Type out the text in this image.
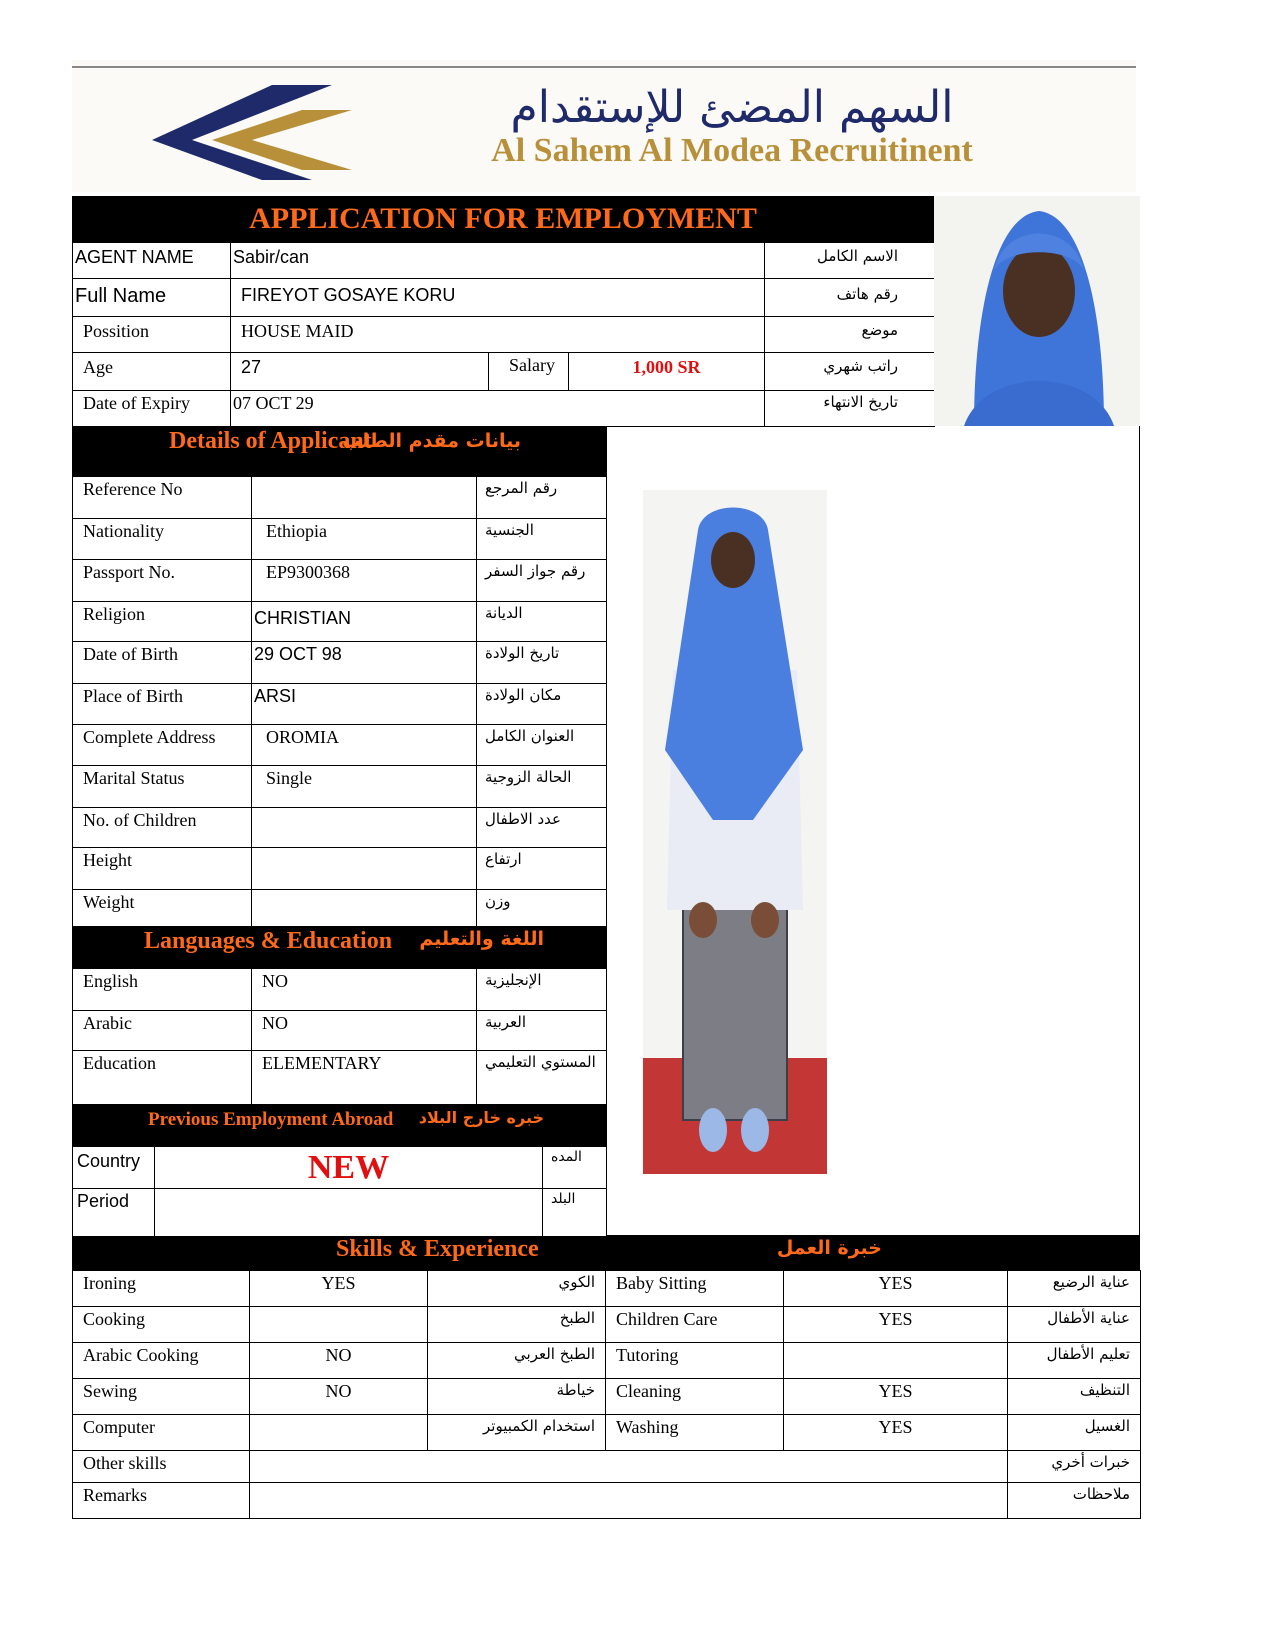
السهم المضئ للإستقدام
Al Sahem Al Modea Recruitinent
APPLICATION FOR EMPLOYMENT
AGENT NAME	Sabir/can			الاسم الكامل
Full Name	FIREYOT GOSAYE KORU			رقم هاتف
Possition	HOUSE MAID			موضع
Age	27	Salary	1,000 SR	راتب شهري
Date of Expiry	07 OCT 29			تاريخ الانتهاء
Details of Applicant
بيانات مقدم الطلب
Reference No		رقم المرجع
Nationality	Ethiopia	الجنسية
Passport No.	EP9300368	رقم جواز السفر
Religion	CHRISTIAN	الديانة
Date of Birth	29 OCT 98	تاريخ الولادة
Place of Birth	ARSI	مكان الولادة
Complete Address	OROMIA	العنوان الكامل
Marital Status	Single	الحالة الزوجية
No. of Children		عدد الاطفال
Height		ارتفاع
Weight		وزن
Languages & Education اللغة والتعليم
English	NO	الإنجليزية
Arabic	NO	العربية
Education	ELEMENTARY	المستوي التعليمي
Previous Employment Abroad خبره خارج البلاد
Country	NEW	المده
Period		البلد
Skills & Experience	خبرة العمل
Ironing	YES	الكوي	Baby Sitting	YES	عناية الرضيع
Cooking		الطبخ	Children Care	YES	عناية الأطفال
Arabic Cooking	NO	الطبخ العربي	Tutoring		تعليم الأطفال
Sewing	NO	خياطة	Cleaning	YES	التنظيف
Computer		استخدام الكمبيوتر	Washing	YES	الغسيل
Other skills					خبرات أخري
Remarks					ملاحظات
